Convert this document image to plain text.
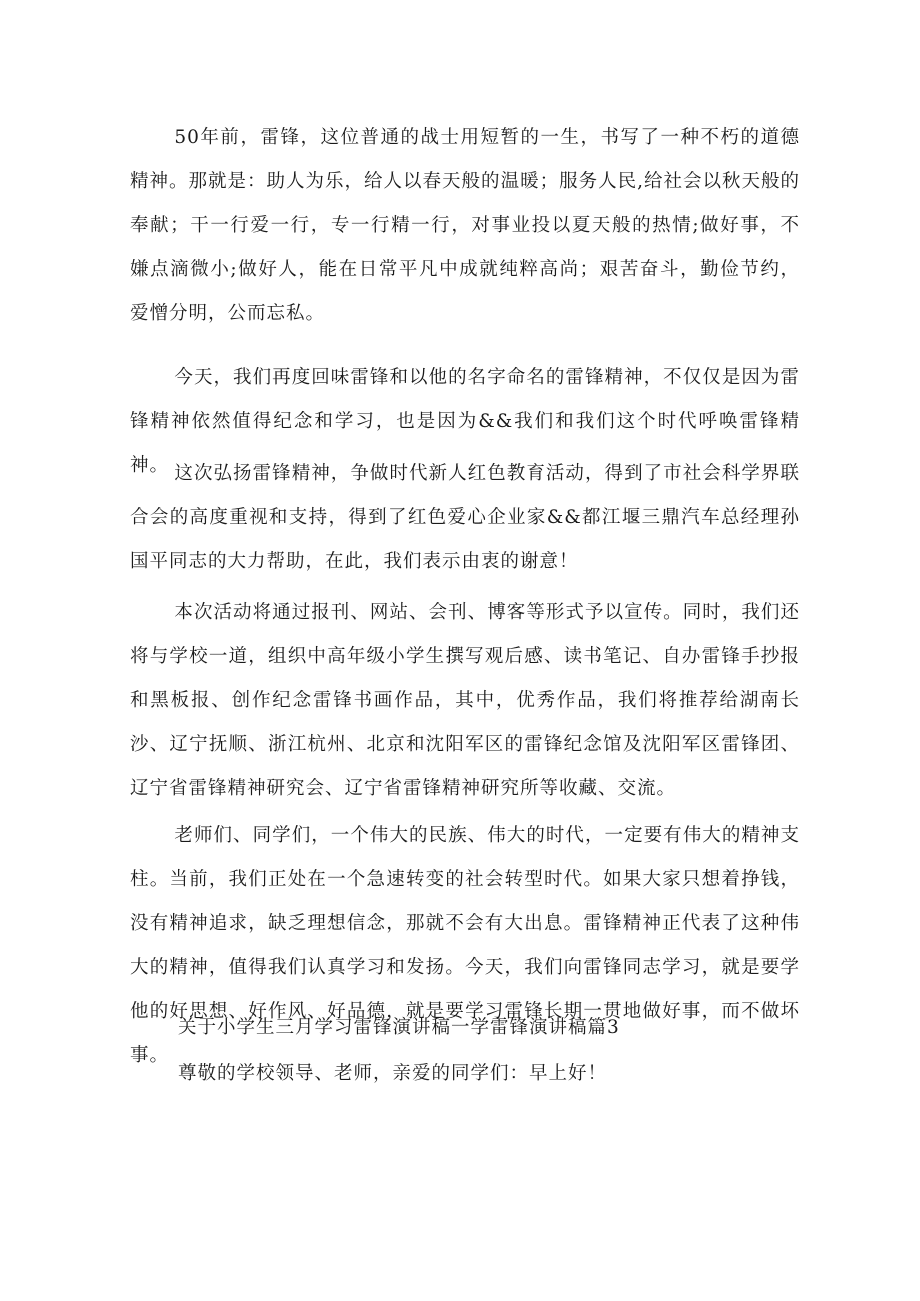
50年前，雷锋，这位普通的战士用短暂的一生，书写了一种不朽的道德精神。那就是：助人为乐，给人以春天般的温暖；服务人民,给社会以秋天般的奉献；干一行爱一行，专一行精一行，对事业投以夏天般的热情;做好事，不嫌点滴微小;做好人，能在日常平凡中成就纯粹高尚；艰苦奋斗，勤俭节约，爱憎分明，公而忘私。

今天，我们再度回味雷锋和以他的名字命名的雷锋精神，不仅仅是因为雷锋精神依然值得纪念和学习，也是因为&&我们和我们这个时代呼唤雷锋精神。 这次弘扬雷锋精神，争做时代新人红色教育活动，得到了市社会科学界联合会的高度重视和支持，得到了红色爱心企业家&&都江堰三鼎汽车总经理孙国平同志的大力帮助，在此，我们表示由衷的谢意！

本次活动将通过报刊、网站、会刊、博客等形式予以宣传。同时，我们还将与学校一道，组织中高年级小学生撰写观后感、读书笔记、自办雷锋手抄报和黑板报、创作纪念雷锋书画作品，其中，优秀作品，我们将推荐给湖南长沙、辽宁抚顺、浙江杭州、北京和沈阳军区的雷锋纪念馆及沈阳军区雷锋团、辽宁省雷锋精神研究会、辽宁省雷锋精神研究所等收藏、交流。

老师们、同学们，一个伟大的民族、伟大的时代，一定要有伟大的精神支柱。当前，我们正处在一个急速转变的社会转型时代。如果大家只想着挣钱，没有精神追求，缺乏理想信念，那就不会有大出息。雷锋精神正代表了这种伟大的精神，值得我们认真学习和发扬。今天，我们向雷锋同志学习，就是要学他的好思想、好作风、好品德，就是要学习雷锋长期一贯地做好事，而不做坏事。

关于小学生三月学习雷锋演讲稿一学雷锋演讲稿篇3

尊敬的学校领导、老师，亲爱的同学们：早上好！
